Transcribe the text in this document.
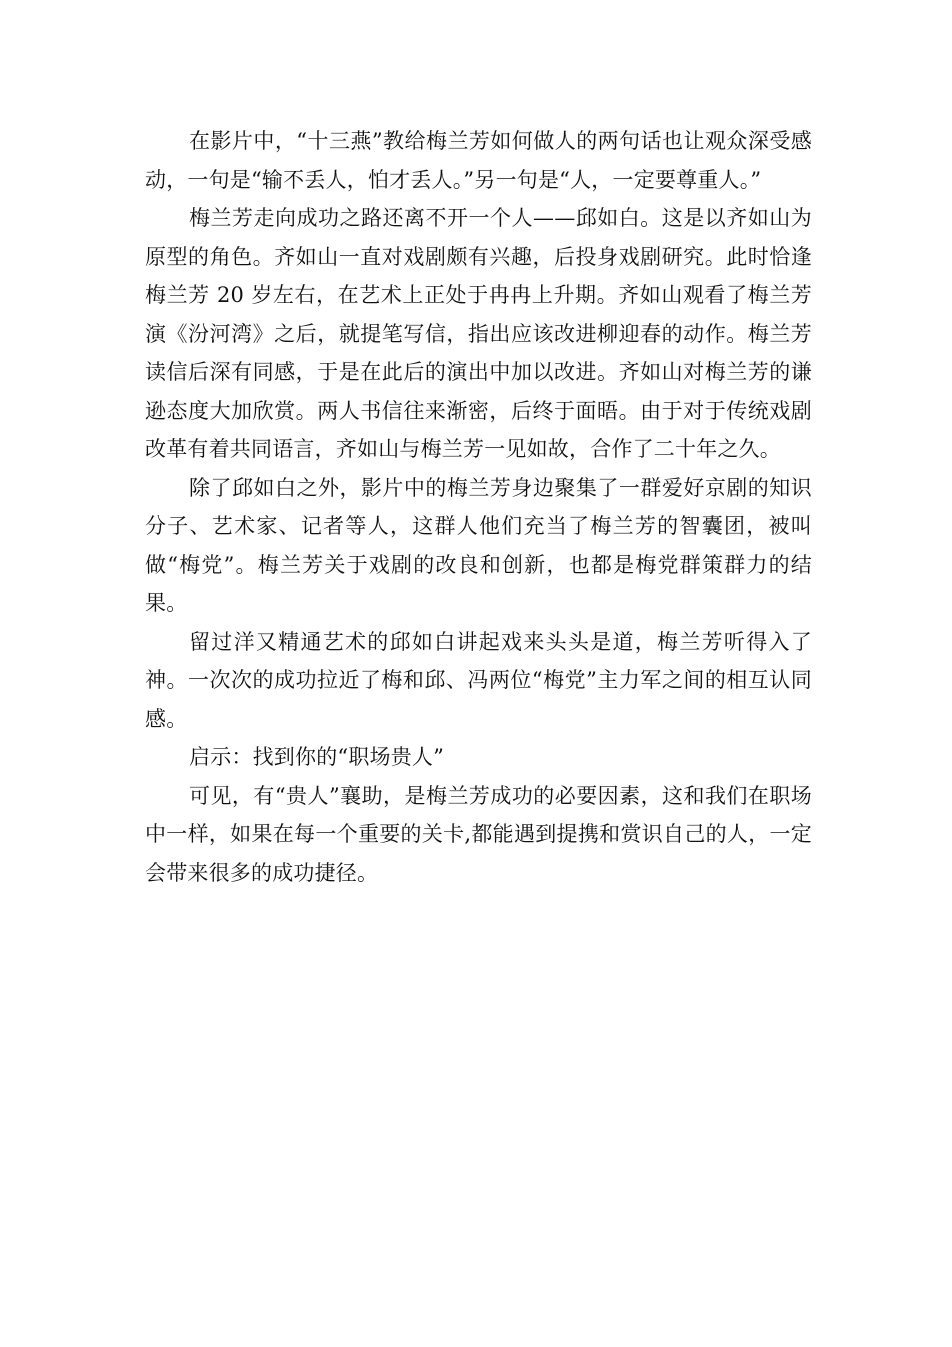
在影片中，“十三燕”教给梅兰芳如何做人的两句话也让观众深受感动，一句是“输不丢人，怕才丢人。”另一句是“人，一定要尊重人。”

梅兰芳走向成功之路还离不开一个人——邱如白。这是以齐如山为原型的角色。齐如山一直对戏剧颇有兴趣，后投身戏剧研究。此时恰逢梅兰芳 20 岁左右，在艺术上正处于冉冉上升期。齐如山观看了梅兰芳演《汾河湾》之后，就提笔写信，指出应该改进柳迎春的动作。梅兰芳读信后深有同感，于是在此后的演出中加以改进。齐如山对梅兰芳的谦逊态度大加欣赏。两人书信往来渐密，后终于面晤。由于对于传统戏剧改革有着共同语言，齐如山与梅兰芳一见如故，合作了二十年之久。

除了邱如白之外，影片中的梅兰芳身边聚集了一群爱好京剧的知识分子、艺术家、记者等人，这群人他们充当了梅兰芳的智囊团，被叫做“梅党”。梅兰芳关于戏剧的改良和创新，也都是梅党群策群力的结果。

留过洋又精通艺术的邱如白讲起戏来头头是道，梅兰芳听得入了神。一次次的成功拉近了梅和邱、冯两位“梅党”主力军之间的相互认同感。

启示：找到你的“职场贵人”

可见，有“贵人”襄助，是梅兰芳成功的必要因素，这和我们在职场中一样，如果在每一个重要的关卡,都能遇到提携和赏识自己的人，一定会带来很多的成功捷径。
